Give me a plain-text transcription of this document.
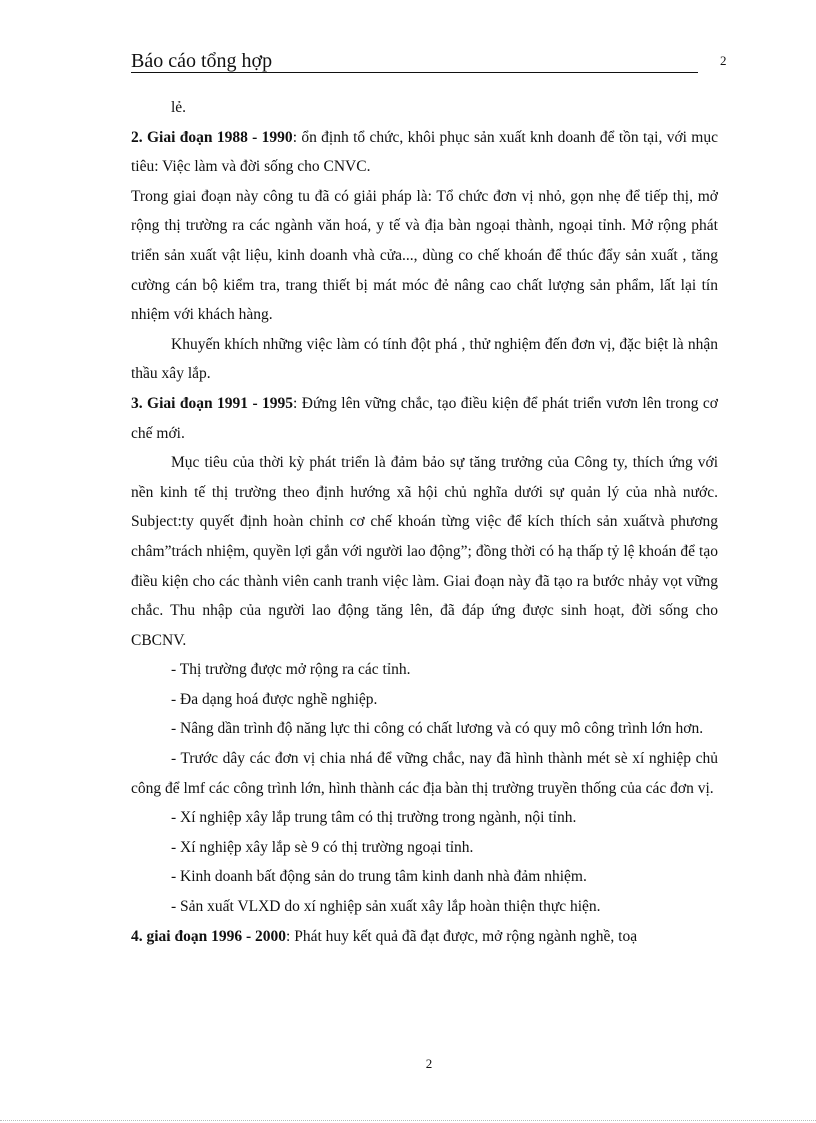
Báo cáo tổng hợp	2

lẻ.

2. Giai đoạn 1988 - 1990: ổn định tổ chức, khôi phục sản xuất knh doanh để tồn tại, với mục tiêu: Việc làm và đời sống cho CNVC.

Trong giai đoạn này công tu đã có giải pháp là: Tổ chức đơn vị nhỏ, gọn nhẹ để tiếp thị, mở rộng thị trường ra các ngành văn hoá, y tế và địa bàn ngoại thành, ngoại tỉnh. Mở rộng phát triển sản xuất vật liệu, kinh doanh vhà cửa..., dùng co chế khoán để thúc đẩy sản xuất , tăng cường cán bộ kiểm tra, trang thiết bị mát móc đẻ nâng cao chất lượng sản phẩm, lất lại tín nhiệm với khách hàng.

Khuyến khích những việc làm có tính đột phá , thử nghiệm đến đơn vị, đặc biệt là nhận thầu xây lắp.

3. Giai đoạn 1991 - 1995: Đứng lên vững chắc, tạo điều kiện để phát triển vươn lên trong cơ chế mới.

Mục tiêu của thời kỳ phát triển là đảm bảo sự tăng trưởng của Công ty, thích ứng với nền kinh tế thị trường theo định hướng xã hội chủ nghĩa dưới sự quản lý của nhà nước. Subject:ty quyết định hoàn chỉnh cơ chế khoán từng việc để kích thích sản xuấtvà phương châm”trách nhiệm, quyền lợi gắn với người lao động”; đồng thời có hạ thấp tỷ lệ khoán để tạo điều kiện cho các thành viên canh tranh việc làm. Giai đoạn này đã tạo ra bước nhảy vọt vững chắc. Thu nhập của người lao động tăng lên, đã đáp ứng được sinh hoạt, đời sống cho CBCNV.

- Thị trường được mở rộng ra các tỉnh.

- Đa dạng hoá được nghề nghiệp.

- Nâng dần trình độ năng lực thi công có chất lương và có quy mô công trình lớn hơn.

- Trước dây các đơn vị chia nhá để vững chắc, nay đã hình thành mét sè xí nghiệp chủ công để lmf các công trình lớn, hình thành các địa bàn thị trường truyền thống của các đơn vị.

- Xí nghiệp xây lắp trung tâm có thị trường trong ngành, nội tỉnh.

- Xí nghiệp xây lắp sè 9 có thị trường ngoại tỉnh.

- Kinh doanh bất động sản do trung tâm kinh danh nhà đảm nhiệm.

- Sản xuất VLXD do xí nghiệp sản xuất xây lắp hoàn thiện thực hiện.

4. giai đoạn 1996 - 2000: Phát huy kết quả đã đạt được, mở rộng ngành nghề, toạ

2
